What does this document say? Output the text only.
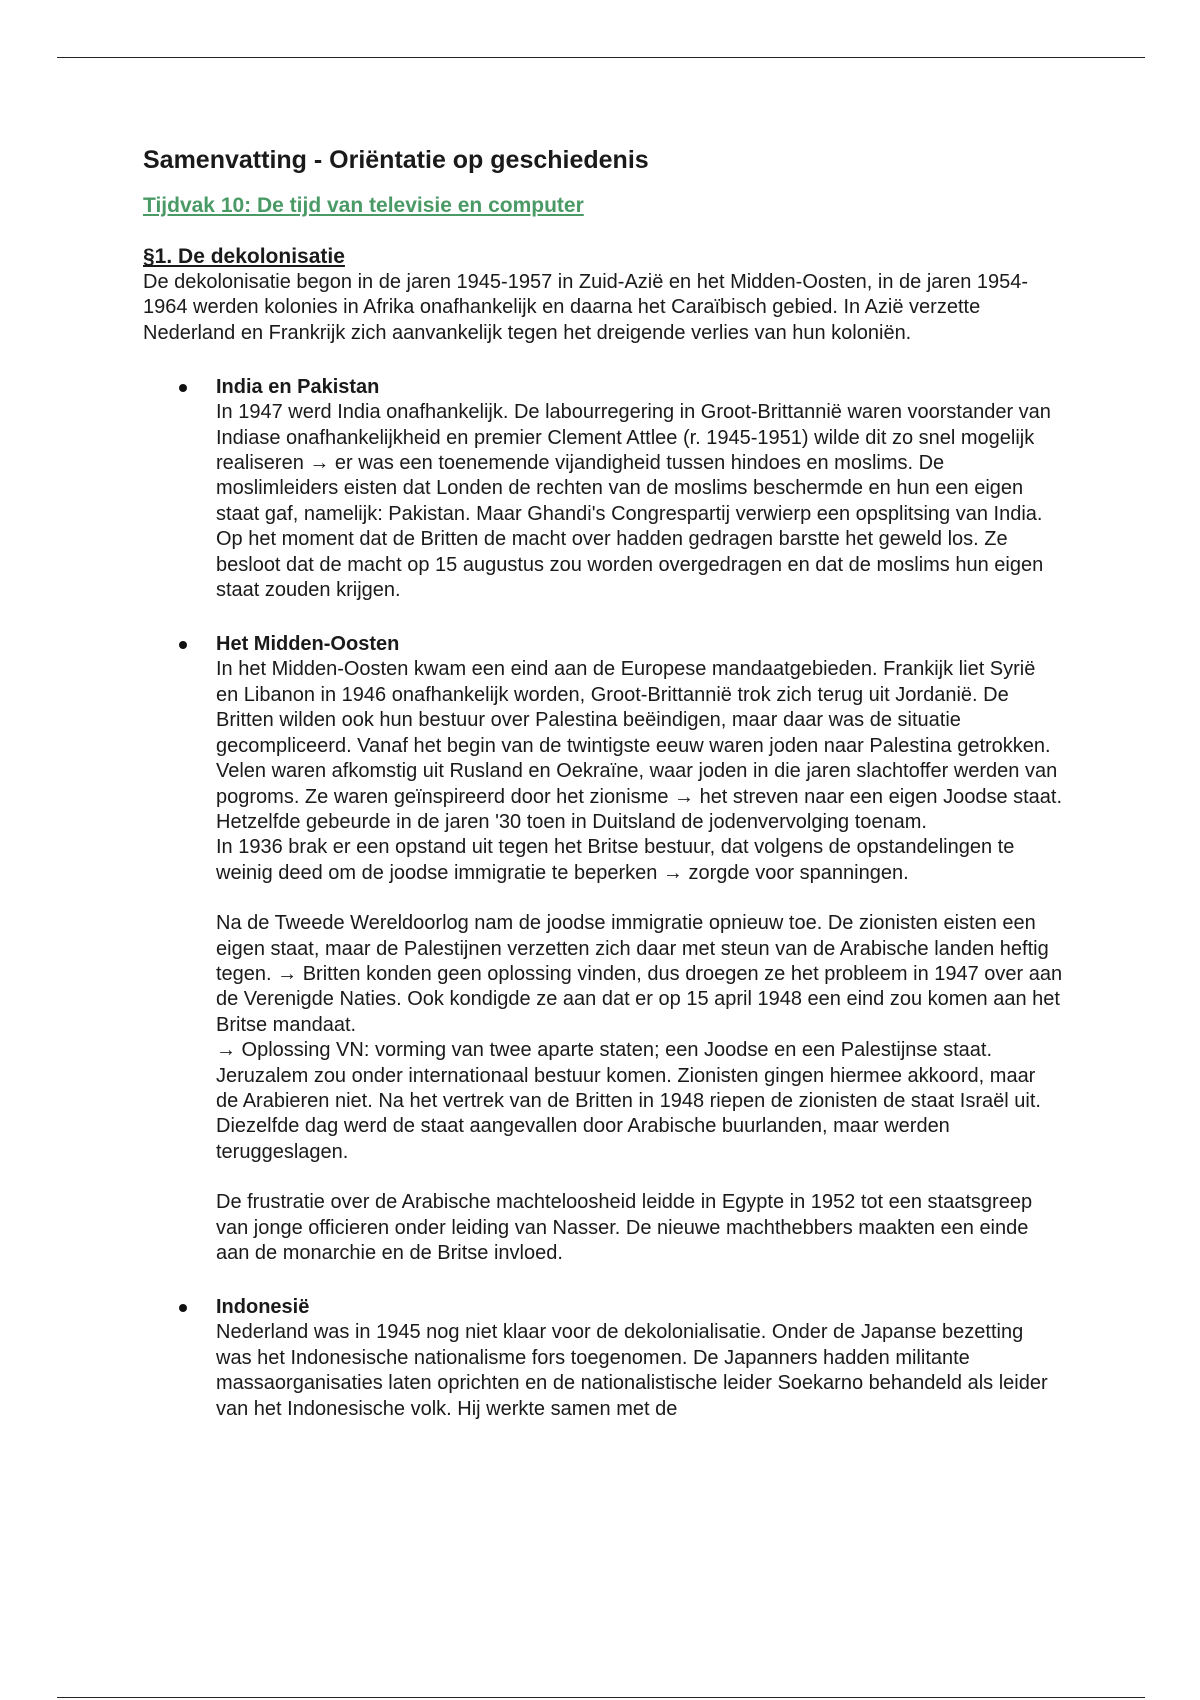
Samenvatting - Oriëntatie op geschiedenis
Tijdvak 10: De tijd van televisie en computer
§1. De dekolonisatie

De dekolonisatie begon in de jaren 1945-1957 in Zuid-Azië en het Midden-Oosten, in de jaren 1954-1964 werden kolonies in Afrika onafhankelijk en daarna het Caraïbisch gebied. In Azië verzette Nederland en Frankrijk zich aanvankelijk tegen het dreigende verlies van hun koloniën.

India en Pakistan

In 1947 werd India onafhankelijk. De labourregering in Groot-Brittannië waren voorstander van Indiase onafhankelijkheid en premier Clement Attlee (r. 1945-1951) wilde dit zo snel mogelijk realiseren → er was een toenemende vijandigheid tussen hindoes en moslims. De moslimleiders eisten dat Londen de rechten van de moslims beschermde en hun een eigen staat gaf, namelijk: Pakistan. Maar Ghandi's Congrespartij verwierp een opsplitsing van India. Op het moment dat de Britten de macht over hadden gedragen barstte het geweld los. Ze besloot dat de macht op 15 augustus zou worden overgedragen en dat de moslims hun eigen staat zouden krijgen.

Het Midden-Oosten

In het Midden-Oosten kwam een eind aan de Europese mandaatgebieden. Frankijk liet Syrië en Libanon in 1946 onafhankelijk worden, Groot-Brittannië trok zich terug uit Jordanië. De Britten wilden ook hun bestuur over Palestina beëindigen, maar daar was de situatie gecompliceerd. Vanaf het begin van de twintigste eeuw waren joden naar Palestina getrokken. Velen waren afkomstig uit Rusland en Oekraïne, waar joden in die jaren slachtoffer werden van pogroms. Ze waren geïnspireerd door het zionisme → het streven naar een eigen Joodse staat. Hetzelfde gebeurde in de jaren '30 toen in Duitsland de jodenvervolging toenam.

In 1936 brak er een opstand uit tegen het Britse bestuur, dat volgens de opstandelingen te weinig deed om de joodse immigratie te beperken → zorgde voor spanningen.

Na de Tweede Wereldoorlog nam de joodse immigratie opnieuw toe. De zionisten eisten een eigen staat, maar de Palestijnen verzetten zich daar met steun van de Arabische landen heftig tegen. → Britten konden geen oplossing vinden, dus droegen ze het probleem in 1947 over aan de Verenigde Naties. Ook kondigde ze aan dat er op 15 april 1948 een eind zou komen aan het Britse mandaat.

→ Oplossing VN: vorming van twee aparte staten; een Joodse en een Palestijnse staat. Jeruzalem zou onder internationaal bestuur komen. Zionisten gingen hiermee akkoord, maar de Arabieren niet. Na het vertrek van de Britten in 1948 riepen de zionisten de staat Israël uit. Diezelfde dag werd de staat aangevallen door Arabische buurlanden, maar werden teruggeslagen.

De frustratie over de Arabische machteloosheid leidde in Egypte in 1952 tot een staatsgreep van jonge officieren onder leiding van Nasser. De nieuwe machthebbers maakten een einde aan de monarchie en de Britse invloed.

Indonesië

Nederland was in 1945 nog niet klaar voor de dekolonialisatie. Onder de Japanse bezetting was het Indonesische nationalisme fors toegenomen. De Japanners hadden militante massaorganisaties laten oprichten en de nationalistische leider Soekarno behandeld als leider van het Indonesische volk. Hij werkte samen met de
